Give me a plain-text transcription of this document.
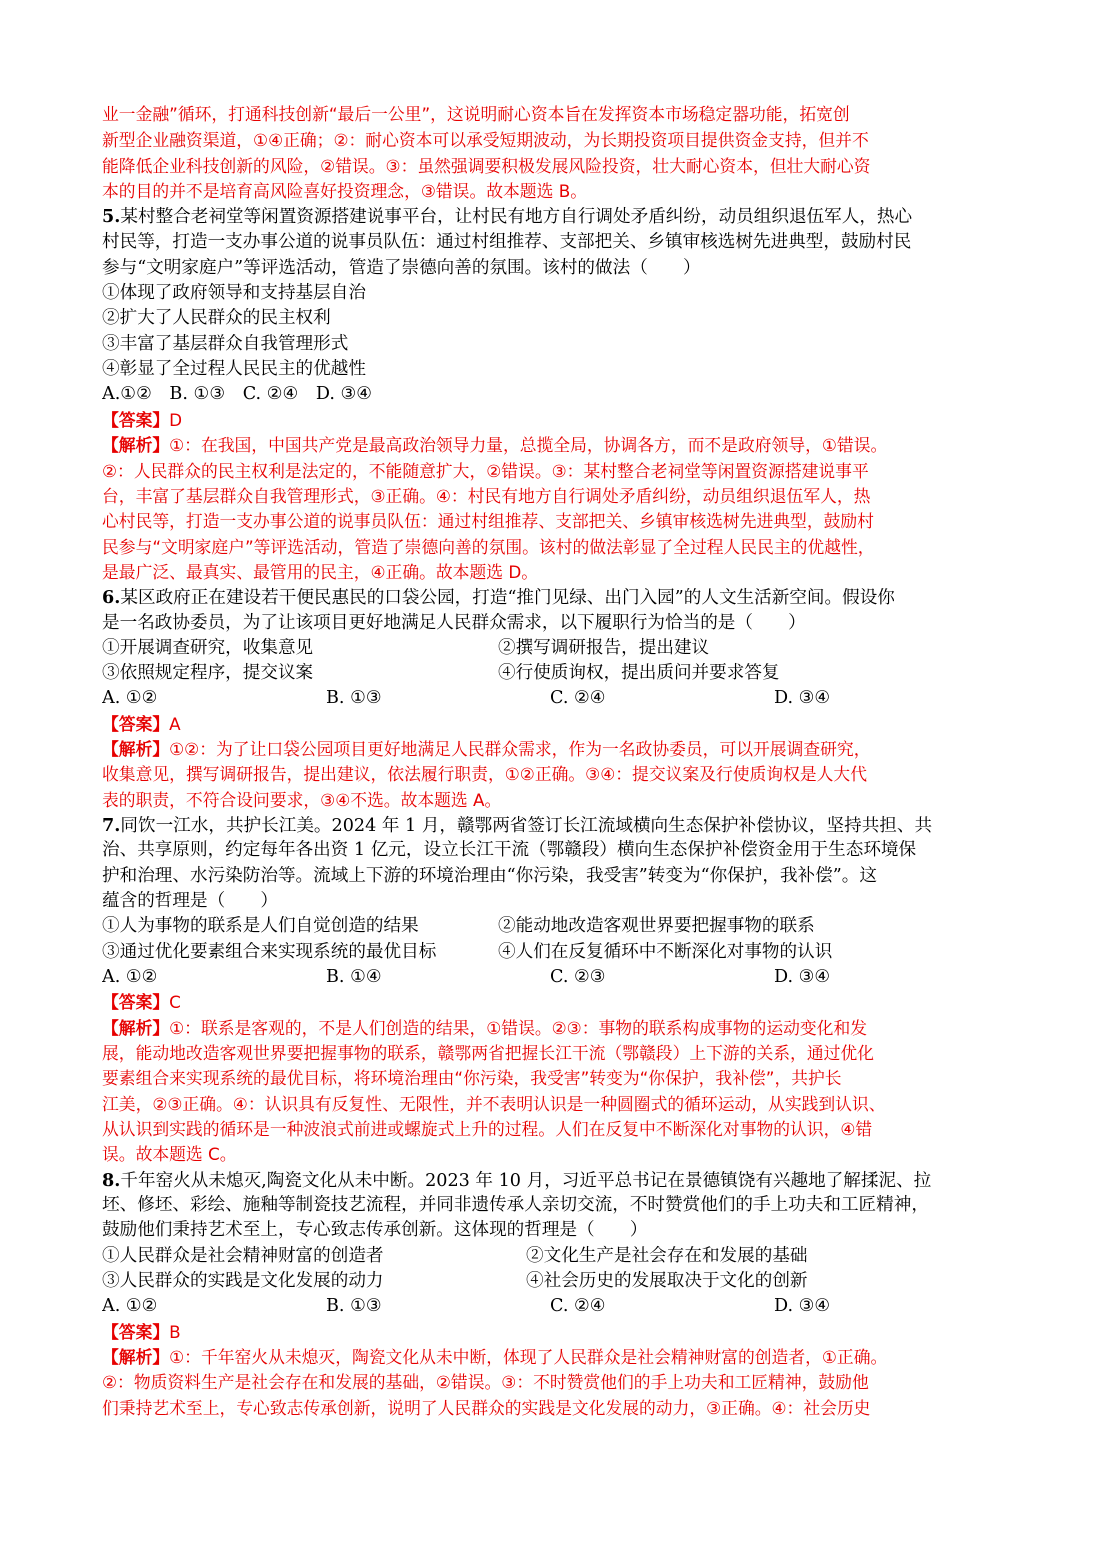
业一金融”循环，打通科技创新“最后一公里”，这说明耐心资本旨在发挥资本市场稳定器功能，拓宽创
新型企业融资渠道，①④正确；②：耐心资本可以承受短期波动，为长期投资项目提供资金支持，但并不
能降低企业科技创新的风险，②错误。③：虽然强调要积极发展风险投资，壮大耐心资本，但壮大耐心资
本的目的并不是培育高风险喜好投资理念，③错误。故本题选 B。
5.某村整合老祠堂等闲置资源搭建说事平台，让村民有地方自行调处矛盾纠纷，动员组织退伍军人，热心
村民等，打造一支办事公道的说事员队伍：通过村组推荐、支部把关、乡镇审核选树先进典型，鼓励村民
参与“文明家庭户”等评选活动，管造了崇德向善的氛围。该村的做法（　　）
①体现了政府领导和支持基层自治
②扩大了人民群众的民主权利
③丰富了基层群众自我管理形式
④彰显了全过程人民民主的优越性
A.①②　B. ①③　C. ②④　D. ③④
【答案】D
【解析】①：在我国，中国共产党是最高政治领导力量，总揽全局，协调各方，而不是政府领导，①错误。
②：人民群众的民主权利是法定的，不能随意扩大，②错误。③：某村整合老祠堂等闲置资源搭建说事平
台，丰富了基层群众自我管理形式，③正确。④：村民有地方自行调处矛盾纠纷，动员组织退伍军人，热
心村民等，打造一支办事公道的说事员队伍：通过村组推荐、支部把关、乡镇审核选树先进典型，鼓励村
民参与“文明家庭户”等评选活动，管造了崇德向善的氛围。该村的做法彰显了全过程人民民主的优越性，
是最广泛、最真实、最管用的民主，④正确。故本题选 D。
6.某区政府正在建设若干便民惠民的口袋公园，打造“推门见绿、出门入园”的人文生活新空间。假设你
是一名政协委员，为了让该项目更好地满足人民群众需求，以下履职行为恰当的是（　　）
①开展调查研究，收集意见	②撰写调研报告，提出建议
③依照规定程序，提交议案	④行使质询权，提出质问并要求答复
A. ①②	B. ①③	C. ②④	D. ③④
【答案】A
【解析】①②：为了让口袋公园项目更好地满足人民群众需求，作为一名政协委员，可以开展调查研究，
收集意见，撰写调研报告，提出建议，依法履行职责，①②正确。③④：提交议案及行使质询权是人大代
表的职责，不符合设问要求，③④不选。故本题选 A。
7.同饮一江水，共护长江美。2024 年 1 月，赣鄂两省签订长江流域横向生态保护补偿协议，坚持共担、共
治、共享原则，约定每年各出资 1 亿元，设立长江干流（鄂赣段）横向生态保护补偿资金用于生态环境保
护和治理、水污染防治等。流域上下游的环境治理由“你污染，我受害”转变为“你保护，我补偿”。这
蕴含的哲理是（　　）
①人为事物的联系是人们自觉创造的结果	②能动地改造客观世界要把握事物的联系
③通过优化要素组合来实现系统的最优目标	④人们在反复循环中不断深化对事物的认识
A. ①②	B. ①④	C. ②③	D. ③④
【答案】C
【解析】①：联系是客观的，不是人们创造的结果，①错误。②③：事物的联系构成事物的运动变化和发
展，能动地改造客观世界要把握事物的联系，赣鄂两省把握长江干流（鄂赣段）上下游的关系，通过优化
要素组合来实现系统的最优目标，将环境治理由“你污染，我受害”转变为“你保护，我补偿”，共护长
江美，②③正确。④：认识具有反复性、无限性，并不表明认识是一种圆圈式的循环运动，从实践到认识、
从认识到实践的循环是一种波浪式前进或螺旋式上升的过程。人们在反复中不断深化对事物的认识，④错
误。故本题选 C。
8.千年窑火从未熄灭,陶瓷文化从未中断。2023 年 10 月，习近平总书记在景德镇饶有兴趣地了解揉泥、拉
坯、修坯、彩绘、施釉等制瓷技艺流程，并同非遗传承人亲切交流，不时赞赏他们的手上功夫和工匠精神，
鼓励他们秉持艺术至上，专心致志传承创新。这体现的哲理是（　　）
①人民群众是社会精神财富的创造者	②文化生产是社会存在和发展的基础
③人民群众的实践是文化发展的动力	④社会历史的发展取决于文化的创新
A. ①②	B. ①③	C. ②④	D. ③④
【答案】B
【解析】①：千年窑火从未熄灭，陶瓷文化从未中断，体现了人民群众是社会精神财富的创造者，①正确。
②：物质资料生产是社会存在和发展的基础，②错误。③：不时赞赏他们的手上功夫和工匠精神，鼓励他
们秉持艺术至上，专心致志传承创新，说明了人民群众的实践是文化发展的动力，③正确。④：社会历史
